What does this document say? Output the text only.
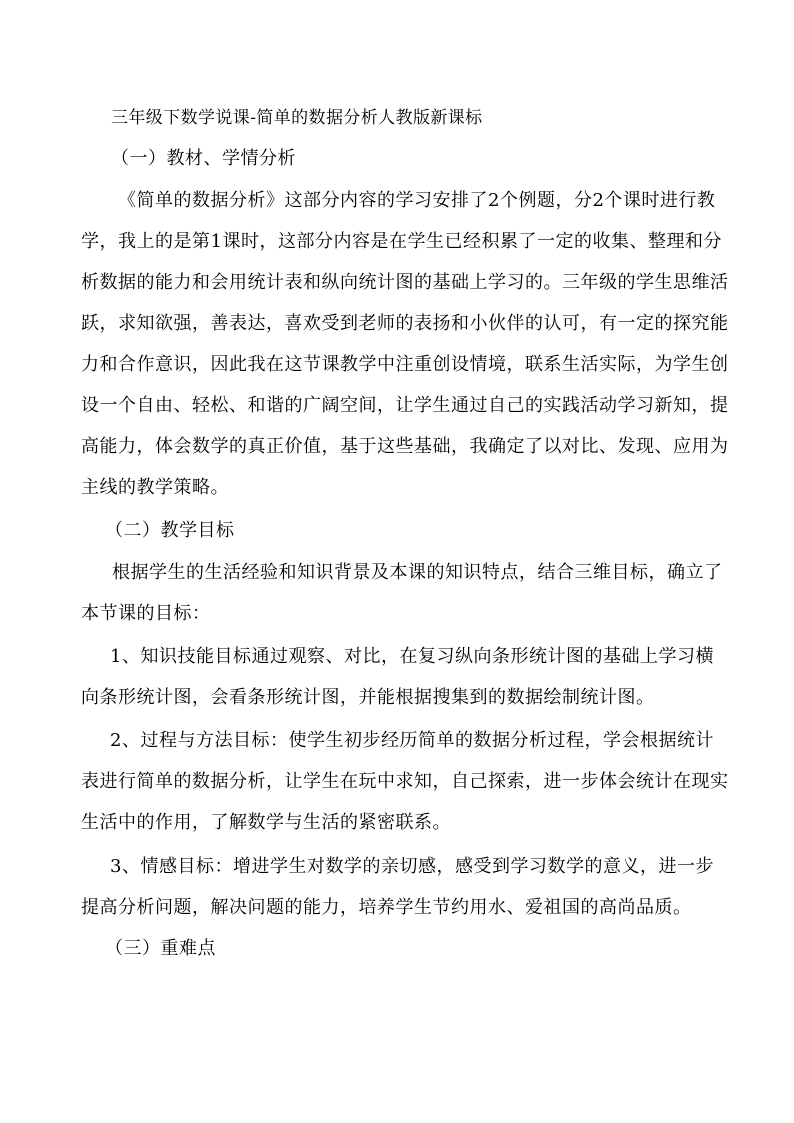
三年级下数学说课-简单的数据分析人教版新课标
（一）教材、学情分析
《简单的数据分析》这部分内容的学习安排了2个例题，分2个课时进行教
学，我上的是第1课时，这部分内容是在学生已经积累了一定的收集、整理和分
析数据的能力和会用统计表和纵向统计图的基础上学习的。三年级的学生思维活
跃，求知欲强，善表达，喜欢受到老师的表扬和小伙伴的认可，有一定的探究能
力和合作意识，因此我在这节课教学中注重创设情境，联系生活实际，为学生创
设一个自由、轻松、和谐的广阔空间，让学生通过自己的实践活动学习新知，提
高能力，体会数学的真正价值，基于这些基础，我确定了以对比、发现、应用为
主线的教学策略。
（二）教学目标
根据学生的生活经验和知识背景及本课的知识特点，结合三维目标，确立了
本节课的目标：
1、知识技能目标通过观察、对比，在复习纵向条形统计图的基础上学习横
向条形统计图，会看条形统计图，并能根据搜集到的数据绘制统计图。
2、过程与方法目标：使学生初步经历简单的数据分析过程，学会根据统计
表进行简单的数据分析，让学生在玩中求知，自己探索，进一步体会统计在现实
生活中的作用，了解数学与生活的紧密联系。
3、情感目标：增进学生对数学的亲切感，感受到学习数学的意义，进一步
提高分析问题，解决问题的能力，培养学生节约用水、爱祖国的高尚品质。
（三）重难点
